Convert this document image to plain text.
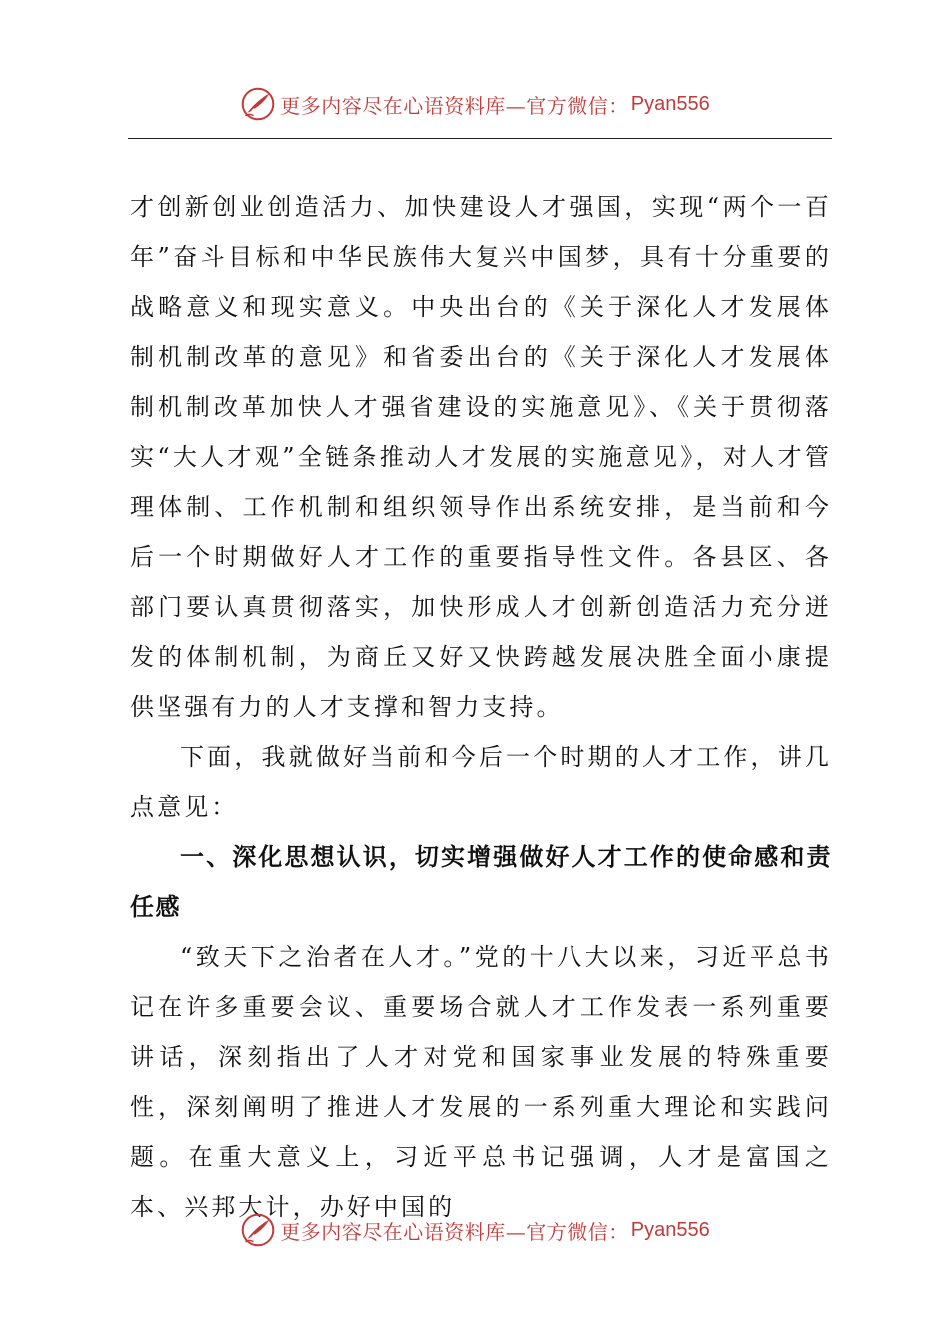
更多内容尽在心语资料库—官方微信： Pyan556

才创新创业创造活力、加快建设人才强国，实现“两个一百年”奋斗目标和中华民族伟大复兴中国梦，具有十分重要的战略意义和现实意义。中央出台的《关于深化人才发展体制机制改革的意见》和省委出台的《关于深化人才发展体制机制改革加快人才强省建设的实施意见》、《关于贯彻落实“大人才观”全链条推动人才发展的实施意见》，对人才管理体制、工作机制和组织领导作出系统安排，是当前和今后一个时期做好人才工作的重要指导性文件。各县区、各部门要认真贯彻落实，加快形成人才创新创造活力充分迸发的体制机制，为商丘又好又快跨越发展决胜全面小康提供坚强有力的人才支撑和智力支持。

下面，我就做好当前和今后一个时期的人才工作，讲几点意见：

一、深化思想认识，切实增强做好人才工作的使命感和责任感

“致天下之治者在人才。”党的十八大以来，习近平总书记在许多重要会议、重要场合就人才工作发表一系列重要讲话，深刻指出了人才对党和国家事业发展的特殊重要性，深刻阐明了推进人才发展的一系列重大理论和实践问题。在重大意义上，习近平总书记强调，人才是富国之本、兴邦大计，办好中国的

更多内容尽在心语资料库—官方微信： Pyan556
